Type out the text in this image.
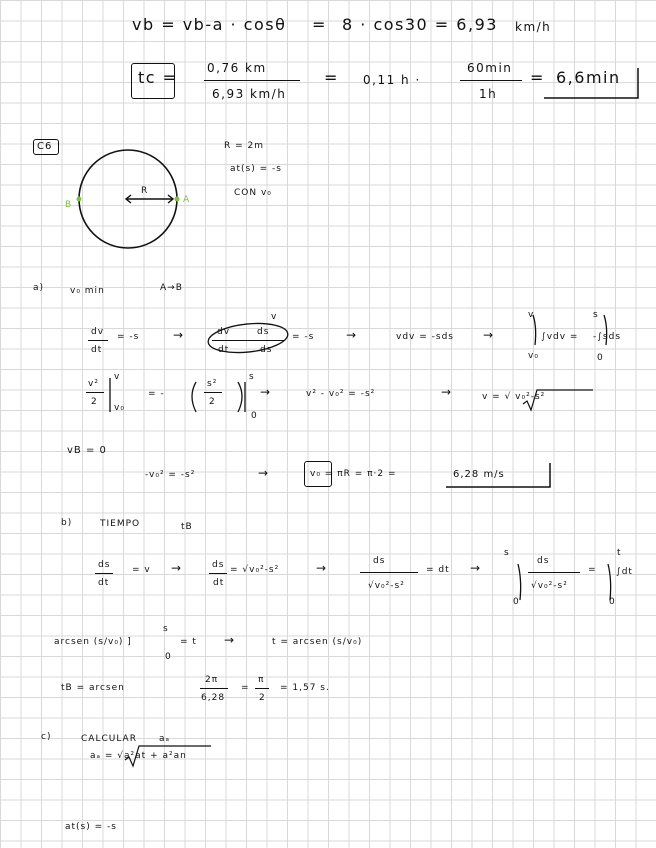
vb = vb-a · cosθ = 8 · cos30 = 6,93 km/h
tc = 0,76 km
6,93 km/h
= 0,11 h ·
60min
1h
= 6,6min
C6
R
A
B
R = 2m
at(s) = -s
CON v₀
a)	v₀ min	A→B
dv
dt
= -s	→	dv	ds
dt	ds
v
= -s	→	vdv = -sds →
v
v₀
∫vdv = -∫sds
s
0
v²
2
v
v₀
= -
s²
2
s
0
→	v² - v₀² = -s²	→	v = √ v₀²-s²
vB = 0
-v₀² = -s²	→	v₀ = πR = π·2 =	6,28 m/s
b)	TIEMPO	tB
ds
dt
= v →	ds
dt
= √v₀²-s²	→	ds
√v₀²-s²
= dt →
s
0
ds
√v₀²-s²
=
t
0
∫dt
arcsen (s/v₀) ]
s
0
= t →	t = arcsen (s/v₀)
tB = arcsen
2π
6,28
=
π
2
= 1,57 s.
c)	CALCULAR aₐ
aₐ = √a²at + a²an
at(s) = -s
